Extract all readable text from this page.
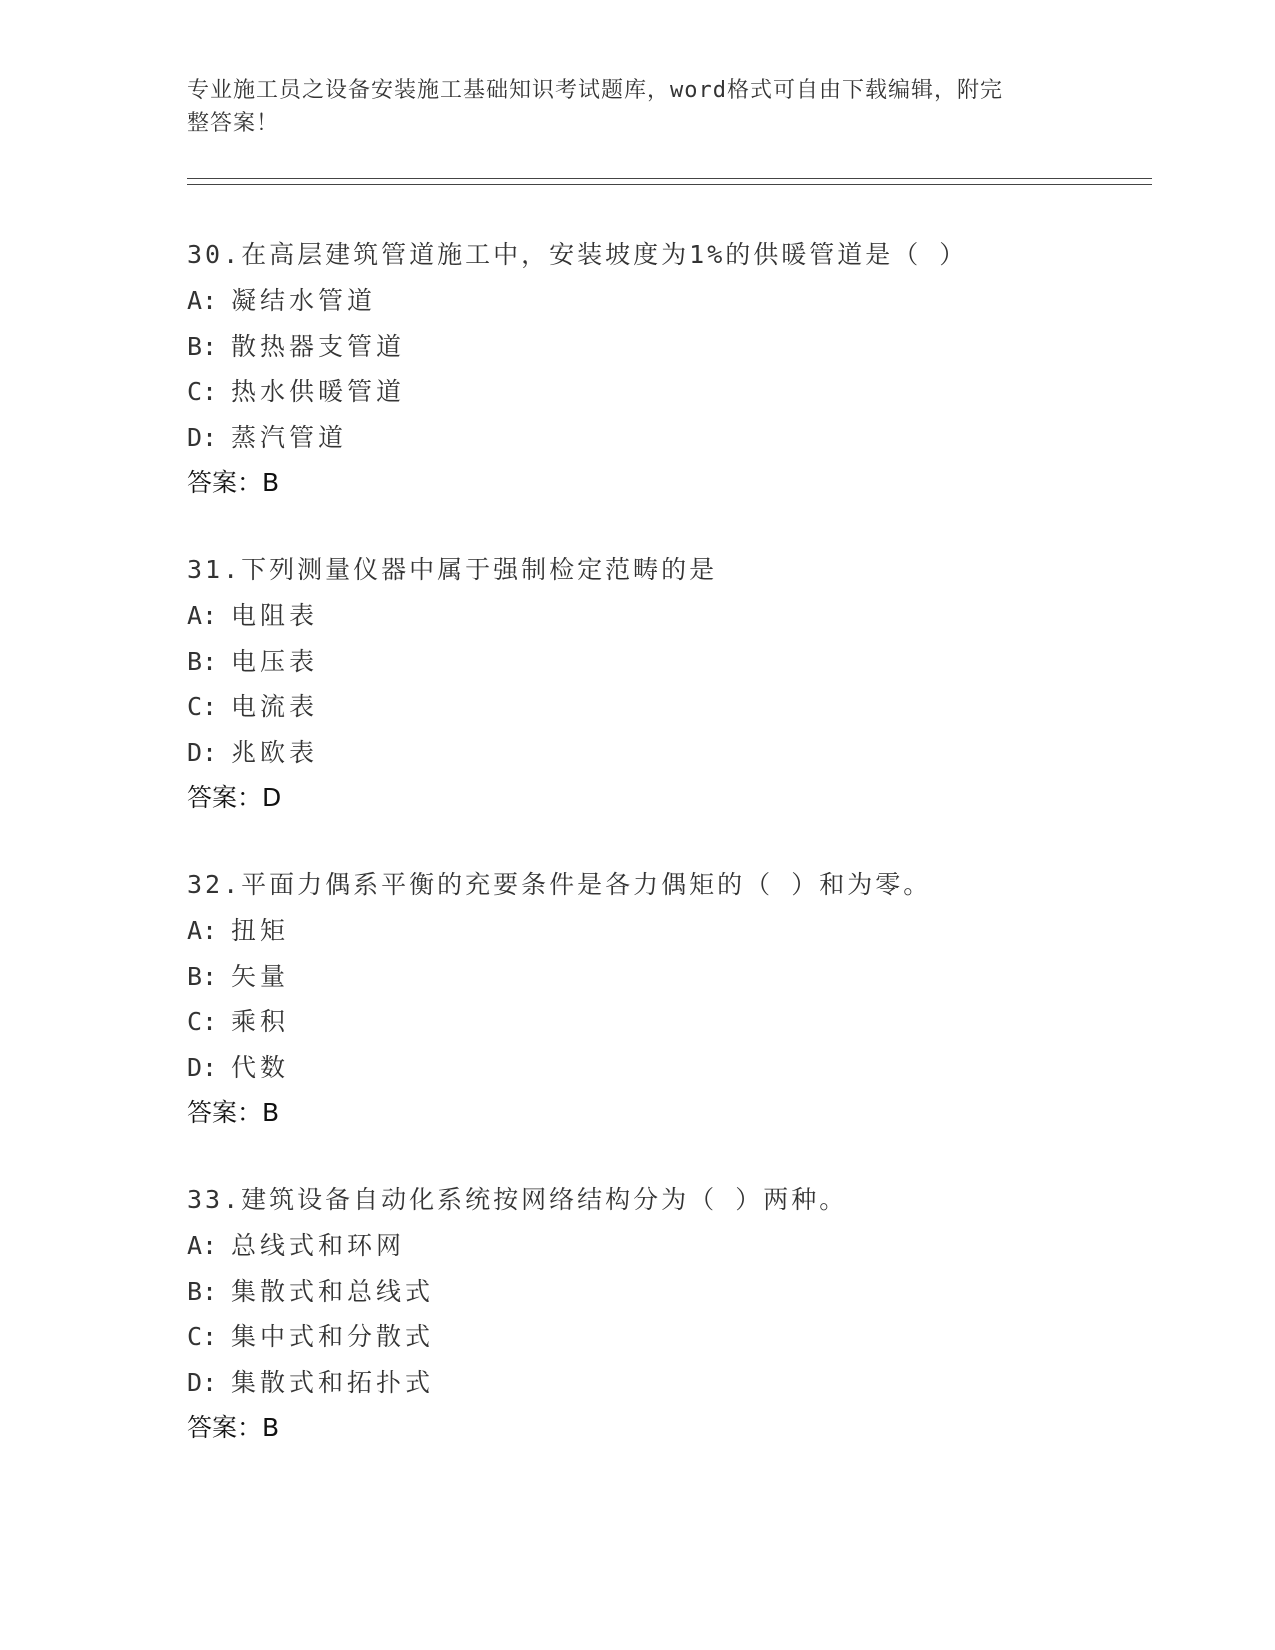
专业施工员之设备安装施工基础知识考试题库，word格式可自由下载编辑，附完
整答案！
30.在高层建筑管道施工中，安装坡度为1%的供暖管道是（ ）
A: 凝结水管道
B: 散热器支管道
C: 热水供暖管道
D: 蒸汽管道
答案：B
31.下列测量仪器中属于强制检定范畴的是
A: 电阻表
B: 电压表
C: 电流表
D: 兆欧表
答案：D
32.平面力偶系平衡的充要条件是各力偶矩的（ ）和为零。
A: 扭矩
B: 矢量
C: 乘积
D: 代数
答案：B
33.建筑设备自动化系统按网络结构分为（ ）两种。
A: 总线式和环网
B: 集散式和总线式
C: 集中式和分散式
D: 集散式和拓扑式
答案：B
